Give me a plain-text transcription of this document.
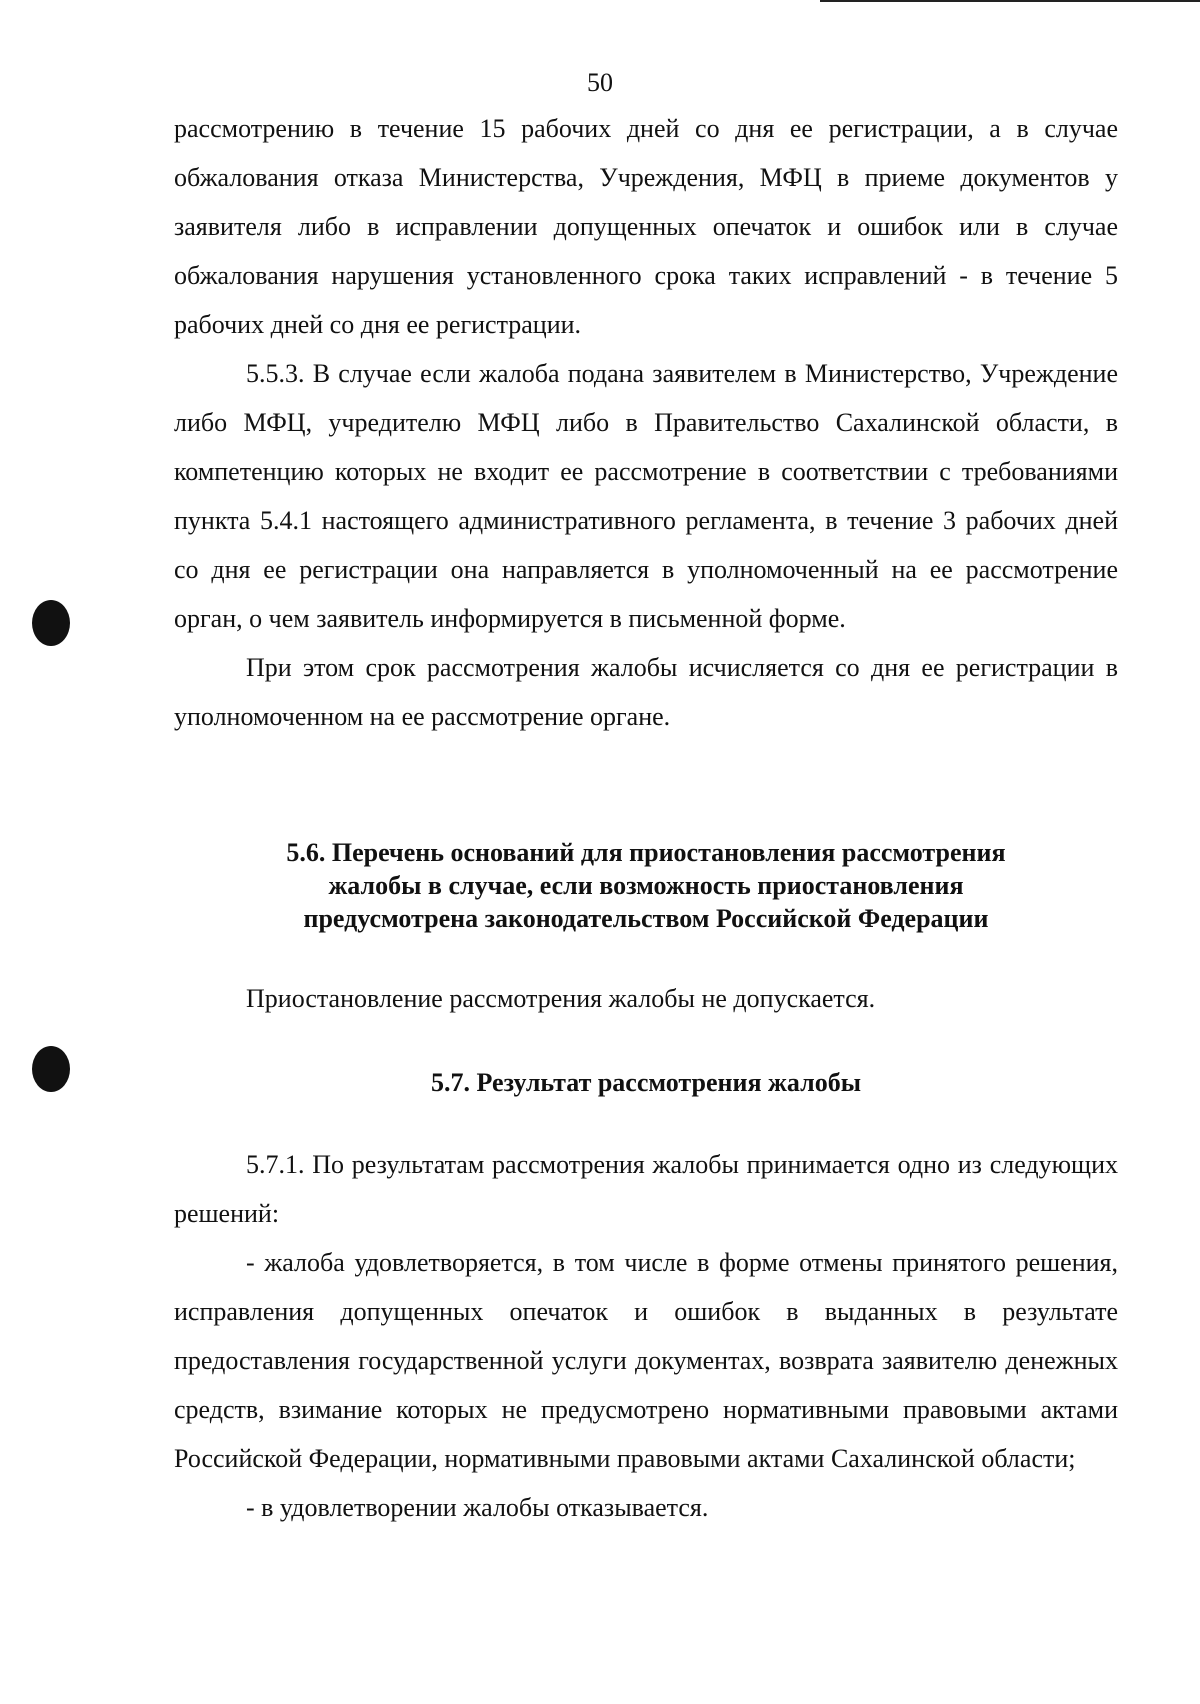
50

рассмотрению в течение 15 рабочих дней со дня ее регистрации, а в случае обжалования отказа Министерства, Учреждения, МФЦ в приеме документов у заявителя либо в исправлении допущенных опечаток и ошибок или в случае обжалования нарушения установленного срока таких исправлений - в течение 5 рабочих дней со дня ее регистрации.

5.5.3. В случае если жалоба подана заявителем в Министерство, Учреждение либо МФЦ, учредителю МФЦ либо в Правительство Сахалинской области, в компетенцию которых не входит ее рассмотрение в соответствии с требованиями пункта 5.4.1 настоящего административного регламента, в течение 3 рабочих дней со дня ее регистрации она направляется в уполномоченный на ее рассмотрение орган, о чем заявитель информируется в письменной форме.

При этом срок рассмотрения жалобы исчисляется со дня ее регистрации в уполномоченном на ее рассмотрение органе.

5.6. Перечень оснований для приостановления рассмотрения
жалобы в случае, если возможность приостановления
предусмотрена законодательством Российской Федерации

Приостановление рассмотрения жалобы не допускается.

5.7. Результат рассмотрения жалобы

5.7.1. По результатам рассмотрения жалобы принимается одно из следующих решений:

- жалоба удовлетворяется, в том числе в форме отмены принятого решения, исправления допущенных опечаток и ошибок в выданных в результате предоставления государственной услуги документах, возврата заявителю денежных средств, взимание которых не предусмотрено нормативными правовыми актами Российской Федерации, нормативными правовыми актами Сахалинской области;

- в удовлетворении жалобы отказывается.
